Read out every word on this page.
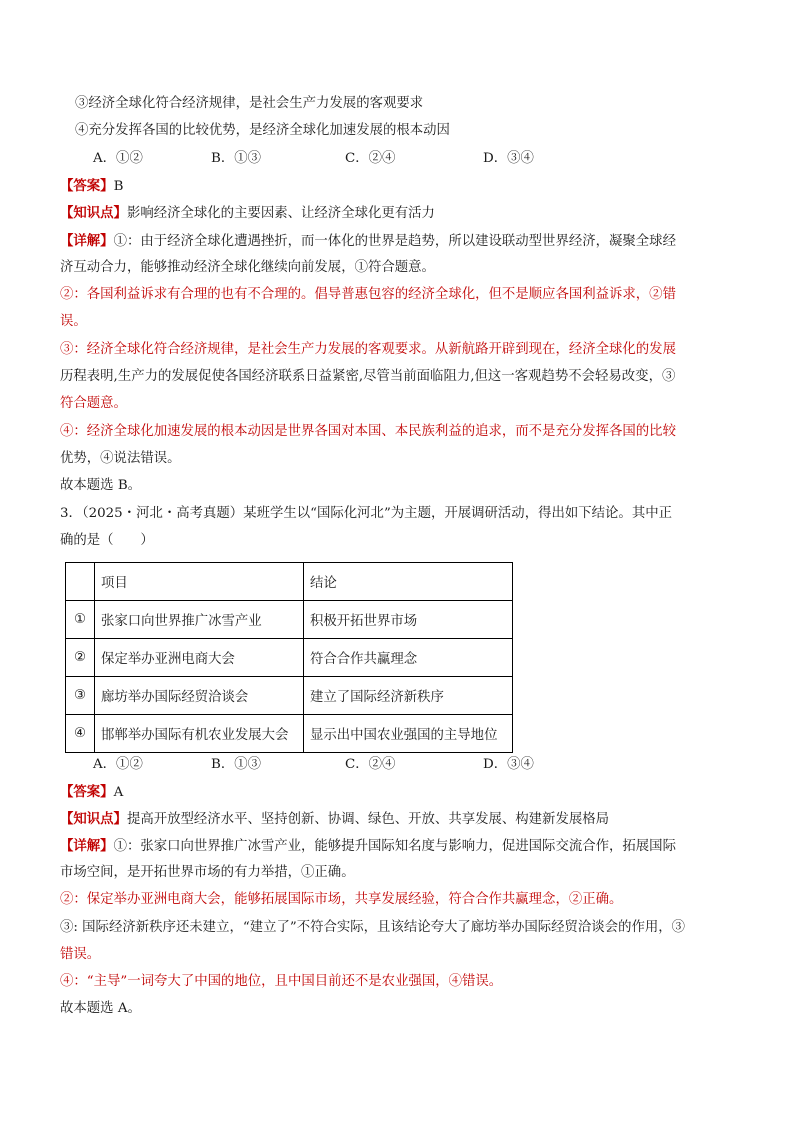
③经济全球化符合经济规律，是社会生产力发展的客观要求
④充分发挥各国的比较优势，是经济全球化加速发展的根本动因
A．①②	B．①③	C．②④	D．③④
【答案】B
【知识点】影响经济全球化的主要因素、让经济全球化更有活力
【详解】①：由于经济全球化遭遇挫折，而一体化的世界是趋势，所以建设联动型世界经济，凝聚全球经
济互动合力，能够推动经济全球化继续向前发展，①符合题意。
②：各国利益诉求有合理的也有不合理的。倡导普惠包容的经济全球化，但不是顺应各国利益诉求，②错
误。
③：经济全球化符合经济规律，是社会生产力发展的客观要求。从新航路开辟到现在，经济全球化的发展
历程表明,生产力的发展促使各国经济联系日益紧密,尽管当前面临阻力,但这一客观趋势不会轻易改变，③
符合题意。
④：经济全球化加速发展的根本动因是世界各国对本国、本民族利益的追求，而不是充分发挥各国的比较
优势，④说法错误。
故本题选 B。
3．（2025・河北・高考真题）某班学生以“国际化河北”为主题，开展调研活动，得出如下结论。其中正
确的是（　　）
	项目	结论
①	张家口向世界推广冰雪产业	积极开拓世界市场
②	保定举办亚洲电商大会	符合合作共赢理念
③	廊坊举办国际经贸洽谈会	建立了国际经济新秩序
④	邯郸举办国际有机农业发展大会	显示出中国农业强国的主导地位
A．①②	B．①③	C．②④	D．③④
【答案】A
【知识点】提高开放型经济水平、坚持创新、协调、绿色、开放、共享发展、构建新发展格局
【详解】①：张家口向世界推广冰雪产业，能够提升国际知名度与影响力，促进国际交流合作，拓展国际
市场空间，是开拓世界市场的有力举措，①正确。
②：保定举办亚洲电商大会，能够拓展国际市场，共享发展经验，符合合作共赢理念，②正确。
③: 国际经济新秩序还未建立，“建立了”不符合实际，且该结论夸大了廊坊举办国际经贸洽谈会的作用，③
错误。
④：“主导”一词夸大了中国的地位，且中国目前还不是农业强国，④错误。
故本题选 A。
